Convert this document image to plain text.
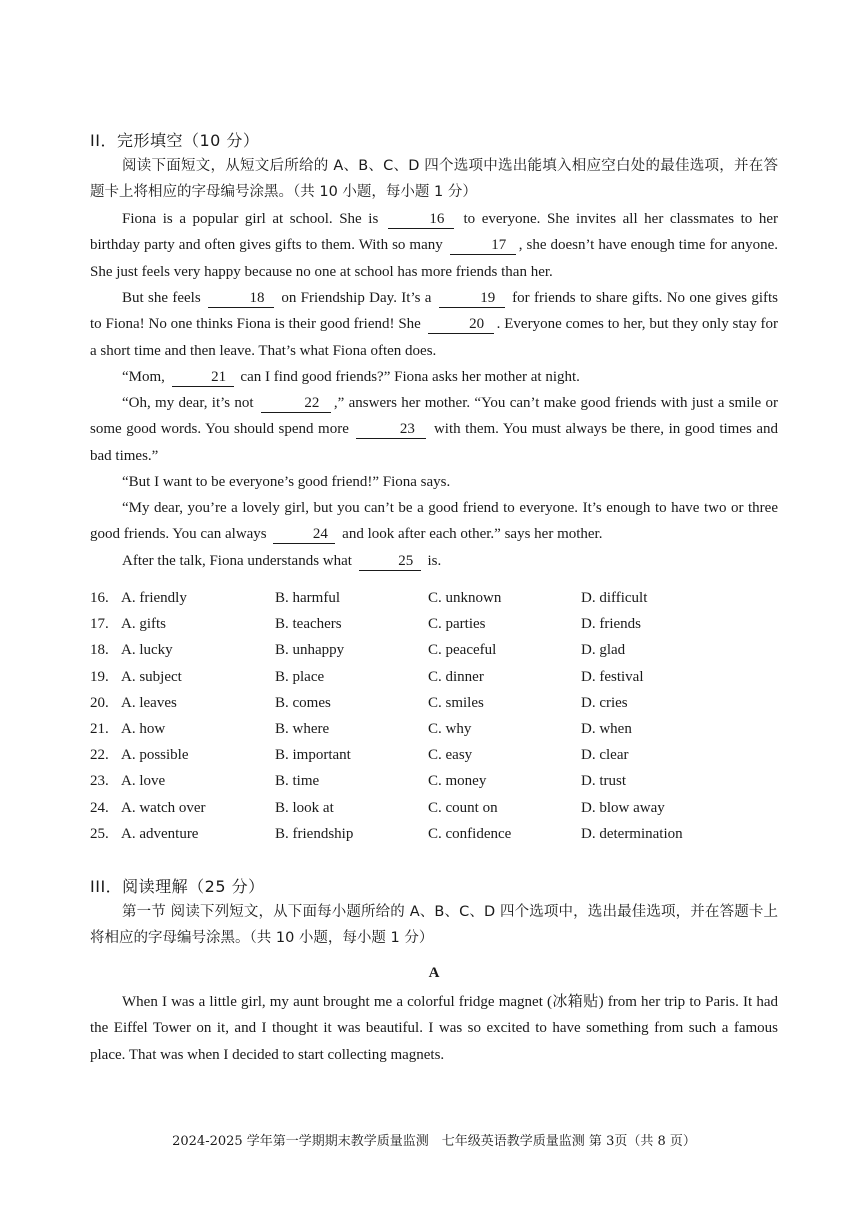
II．完形填空（10 分）
阅读下面短文，从短文后所给的 A、B、C、D 四个选项中选出能填入相应空白处的最佳选项，并在答题卡上将相应的字母编号涂黑。（共 10 小题，每小题 1 分）
Fiona is a popular girl at school. She is	16 to everyone. She invites all her classmates to her birthday party and often gives gifts to them. With so many	17 , she doesn’t have enough time for anyone. She just feels very happy because no one at school has more friends than her.
But she feels	18 on Friendship Day. It’s a	19 for friends to share gifts. No one gives gifts to Fiona! No one thinks Fiona is their good friend! She	20 . Everyone comes to her, but they only stay for a short time and then leave. That’s what Fiona often does.
“Mom,	21 can I find good friends?” Fiona asks her mother at night.
“Oh, my dear, it’s not	22 ,” answers her mother. “You can’t make good friends with just a smile or some good words. You should spend more	23 with them. You must always be there, in good times and bad times.”
“But I want to be everyone’s good friend!” Fiona says.
“My dear, you’re a lovely girl, but you can’t be a good friend to everyone. It’s enough to have two or three good friends. You can always	24 and look after each other.” says her mother.
After the talk, Fiona understands what	25 is.
16. A. friendly	B. harmful	C. unknown	D. difficult
17. A. gifts	B. teachers	C. parties	D. friends
18. A. lucky	B. unhappy	C. peaceful	D. glad
19. A. subject	B. place	C. dinner	D. festival
20. A. leaves	B. comes	C. smiles	D. cries
21. A. how	B. where	C. why	D. when
22. A. possible	B. important	C. easy	D. clear
23. A. love	B. time	C. money	D. trust
24. A. watch over	B. look at	C. count on	D. blow away
25. A. adventure	B. friendship	C. confidence	D. determination
III．阅读理解（25 分）
第一节 阅读下列短文，从下面每小题所给的 A、B、C、D 四个选项中，选出最佳选项，并在答题卡上将相应的字母编号涂黑。（共 10 小题，每小题 1 分）
A
When I was a little girl, my aunt brought me a colorful fridge magnet (冰箱贴) from her trip to Paris. It had the Eiffel Tower on it, and I thought it was beautiful. I was so excited to have something from such a famous place. That was when I decided to start collecting magnets.
2024-2025 学年第一学期期末教学质量监测　七年级英语教学质量监测 第 3页（共 8 页）
